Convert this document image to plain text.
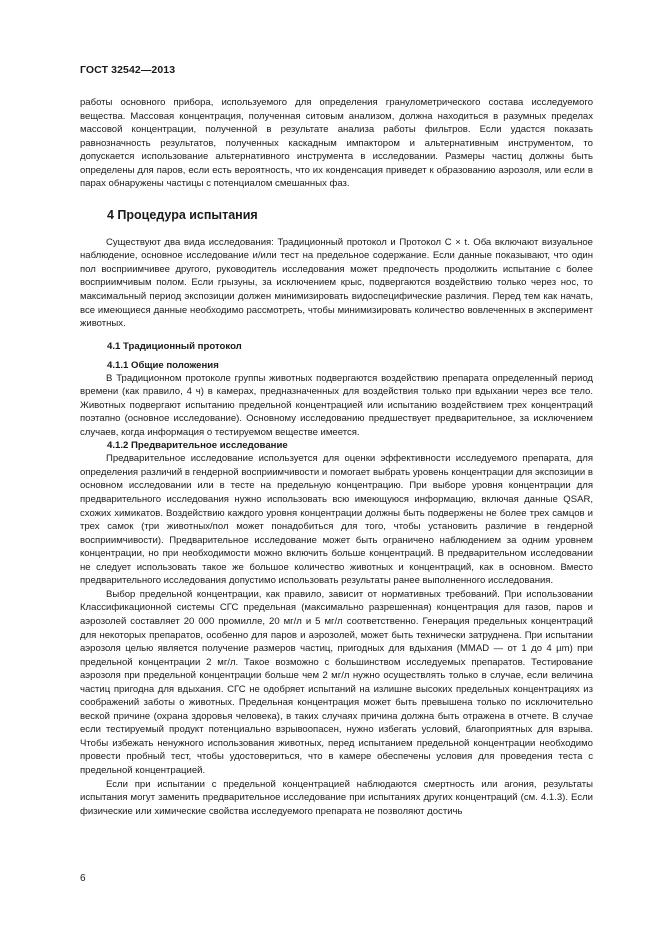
ГОСТ 32542—2013

работы основного прибора, используемого для определения гранулометрического состава исследуемого вещества. Массовая концентрация, полученная ситовым анализом, должна находиться в разумных пределах массовой концентрации, полученной в результате анализа работы фильтров. Если удастся показать равнозначность результатов, полученных каскадным импактором и альтернативным инструментом, то допускается использование альтернативного инструмента в исследовании. Размеры частиц должны быть определены для паров, если есть вероятность, что их конденсация приведет к образованию аэрозоля, или если в парах обнаружены частицы с потенциалом смешанных фаз.

4 Процедура испытания

Существуют два вида исследования: Традиционный протокол и Протокол C × t. Оба включают визуальное наблюдение, основное исследование и/или тест на предельное содержание. Если данные показывают, что один пол восприимчивее другого, руководитель исследования может предпочесть продолжить испытание с более восприимчивым полом. Если грызуны, за исключением крыс, подвергаются воздействию только через нос, то максимальный период экспозиции должен минимизировать видоспецифические различия. Перед тем как начать, все имеющиеся данные необходимо рассмотреть, чтобы минимизировать количество вовлеченных в эксперимент животных.

4.1 Традиционный протокол
4.1.1 Общие положения

В Традиционном протоколе группы животных подвергаются воздействию препарата определенный период времени (как правило, 4 ч) в камерах, предназначенных для воздействия только при вдыхании через все тело. Животных подвергают испытанию предельной концентрацией или испытанию воздействием трех концентраций поэтапно (основное исследование). Основному исследованию предшествует предварительное, за исключением случаев, когда информация о тестируемом веществе имеется.

4.1.2 Предварительное исследование

Предварительное исследование используется для оценки эффективности исследуемого препарата, для определения различий в гендерной восприимчивости и помогает выбрать уровень концентрации для экспозиции в основном исследовании или в тесте на предельную концентрацию. При выборе уровня концентрации для предварительного исследования нужно использовать всю имеющуюся информацию, включая данные QSAR, схожих химикатов. Воздействию каждого уровня концентрации должны быть подвержены не более трех самцов и трех самок (три животных/пол может понадобиться для того, чтобы установить различие в гендерной восприимчивости). Предварительное исследование может быть ограничено наблюдением за одним уровнем концентрации, но при необходимости можно включить больше концентраций. В предварительном исследовании не следует использовать такое же большое количество животных и концентраций, как в основном. Вместо предварительного исследования допустимо использовать результаты ранее выполненного исследования.

Выбор предельной концентрации, как правило, зависит от нормативных требований. При использовании Классификационной системы СГС предельная (максимально разрешенная) концентрация для газов, паров и аэрозолей составляет 20 000 промилле, 20 мг/л и 5 мг/л соответственно. Генерация предельных концентраций для некоторых препаратов, особенно для паров и аэрозолей, может быть технически затруднена. При испытании аэрозоля целью является получение размеров частиц, пригодных для вдыхания (MMAD — от 1 до 4 µm) при предельной концентрации 2 мг/л. Такое возможно с большинством исследуемых препаратов. Тестирование аэрозоля при предельной концентрации больше чем 2 мг/л нужно осуществлять только в случае, если величина частиц пригодна для вдыхания. СГС не одобряет испытаний на излишне высоких предельных концентрациях из соображений заботы о животных. Предельная концентрация может быть превышена только по исключительно веской причине (охрана здоровья человека), в таких случаях причина должна быть отражена в отчете. В случае если тестируемый продукт потенциально взрывоопасен, нужно избегать условий, благоприятных для взрыва. Чтобы избежать ненужного использования животных, перед испытанием предельной концентрации необходимо провести пробный тест, чтобы удостовериться, что в камере обеспечены условия для проведения теста с предельной концентрацией.

Если при испытании с предельной концентрацией наблюдаются смертность или агония, результаты испытания могут заменить предварительное исследование при испытаниях других концентраций (см. 4.1.3). Если физические или химические свойства исследуемого препарата не позволяют достичь

6
